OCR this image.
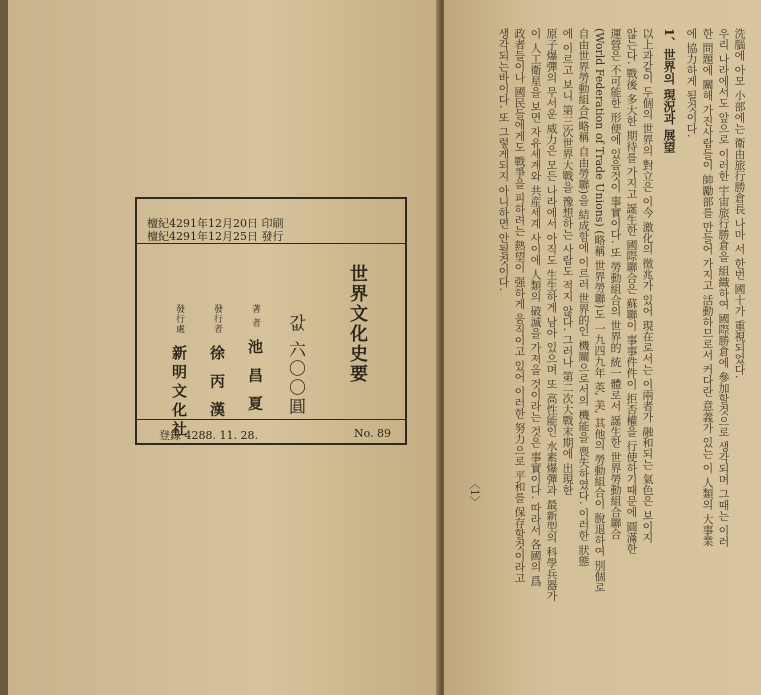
檀紀4291年12月20日 印刷
檀紀4291年12月25日 發行
世界文化史要
값 六〇〇圓
著 者 池 昌 夏
發行者 徐 丙 漢
發行處 新明文化社
登錄 4288. 11. 28.	No. 89

洗腦에 아모 小部에는 衛由旅行勝倉長 나마 서 한번 國十가 重視되었다.

우리 나라에서도 앞으로 이러한 宇宙旅行勝倉을 組織하여 國際勝倉에 參加할것으로 생각되며 그때는 이러

한 問題에 關해 가진사람들이 帥勵部를 만들어 가지고 活動하므로서 커다란 意義가 있는 이 人類의 大事業

에 協力하게 될것이다.

1、世界의 現況과 展望

以上과같이 두個의 世界의 對立은 이今 激化의 徵兆가 있어 現在로서는 이兩者가 融和되는 氣色은 보이지

않는다. 戰後 多大한 期待를 가지고 誕生한 國際聯合은 蘇聯이 事事件件이 拒否權을 行使하기때문에 圓滿한

運營은 不可能한 形便에 있음것이 事實이다. 또 勞動組合의 世界的 統一體로서 誕生한 世界勞動組合聯合

(World Federation of Trade Unions) (略稱 世界勞聯)도 一九四九年 英, 美, 其他의 勞動組合이 脫退하여 別個로

自由世界勞動組合(略稱 自由勞聯)을 結成함에 이르러 世界的인 機關으로서의 機能을 喪失하였다. 이러한 狀態

에 이르고 보니 第三次世界大戰을 豫想하는 사람도 적지 않다. 그러나 第二次大戰末期에 出現한

原子爆彈의 무서운 威力은 모든 나라에서 아직도 生生하게 남아 있으며 또 高性能인 水素爆彈과 最新型의 科學兵器가

이 人工衛星을 보면 자유세계와 共産세계 사이에 人類의 破滅을 가져올 것이라는 것은 事實이다. 따라서 各國의 爲

政者들이나 國民들에게도 戰爭을 피하려는 熱望이 强하게 움직이고 있어 이러한 努力으로 平和를 保存할것이라고

생각되는바이다. 또 그렇게되지 아니하면 안될것이다.

〈1〉
